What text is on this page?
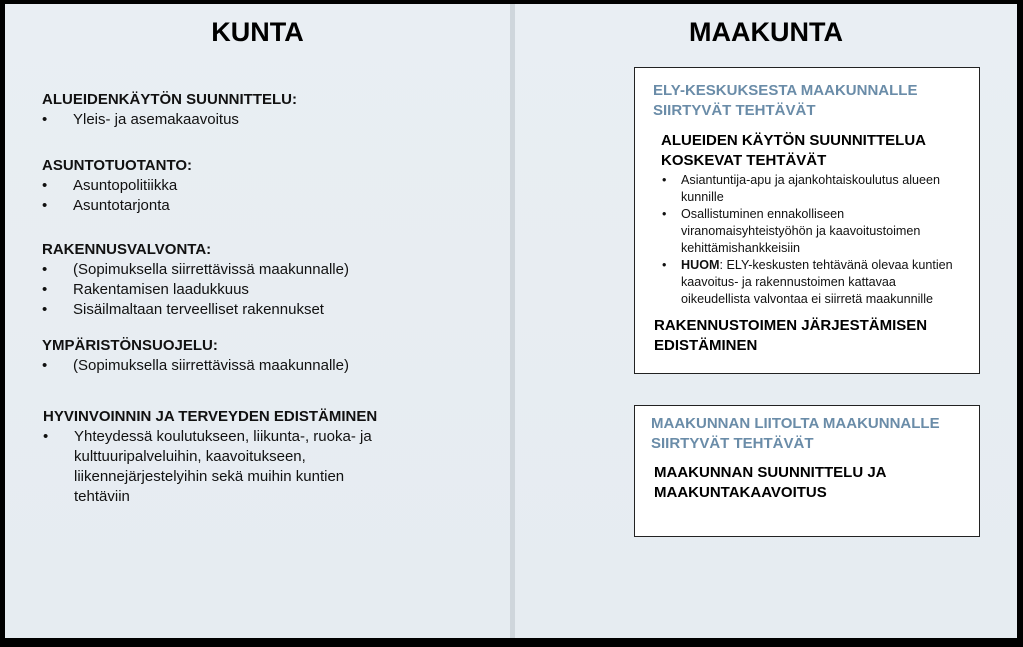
KUNTA	MAAKUNTA
ALUEIDENKÄYTÖN SUUNNITTELU:
• Yleis- ja asemakaavoitus
ASUNTOTUOTANTO:
• Asuntopolitiikka
• Asuntotarjonta
RAKENNUSVALVONTA:
• (Sopimuksella siirrettävissä maakunnalle)
• Rakentamisen laadukkuus
• Sisäilmaltaan terveelliset rakennukset
YMPÄRISTÖNSUOJELU:
• (Sopimuksella siirrettävissä maakunnalle)
HYVINVOINNIN JA TERVEYDEN EDISTÄMINEN
• Yhteydessä koulutukseen, liikunta-, ruoka- ja kulttuuripalveluihin, kaavoitukseen, liikennejärjestelyihin sekä muihin kuntien tehtäviin
ELY-KESKUKSESTA MAAKUNNALLE SIIRTYVÄT TEHTÄVÄT
ALUEIDEN KÄYTÖN SUUNNITTELUA KOSKEVAT TEHTÄVÄT
• Asiantuntija-apu ja ajankohtaiskoulutus alueen kunnille
• Osallistuminen ennakolliseen viranomaisyhteistyöhön ja kaavoitustoimen kehittämishankkeisiin
• HUOM: ELY-keskusten tehtävänä olevaa kuntien kaavoitus- ja rakennustoimen kattavaa oikeudellista valvontaa ei siirretä maakunnille
RAKENNUSTOIMEN JÄRJESTÄMISEN EDISTÄMINEN
MAAKUNNAN LIITOLTA MAAKUNNALLE SIIRTYVÄT TEHTÄVÄT
MAAKUNNAN SUUNNITTELU JA MAAKUNTAKAAVOITUS
